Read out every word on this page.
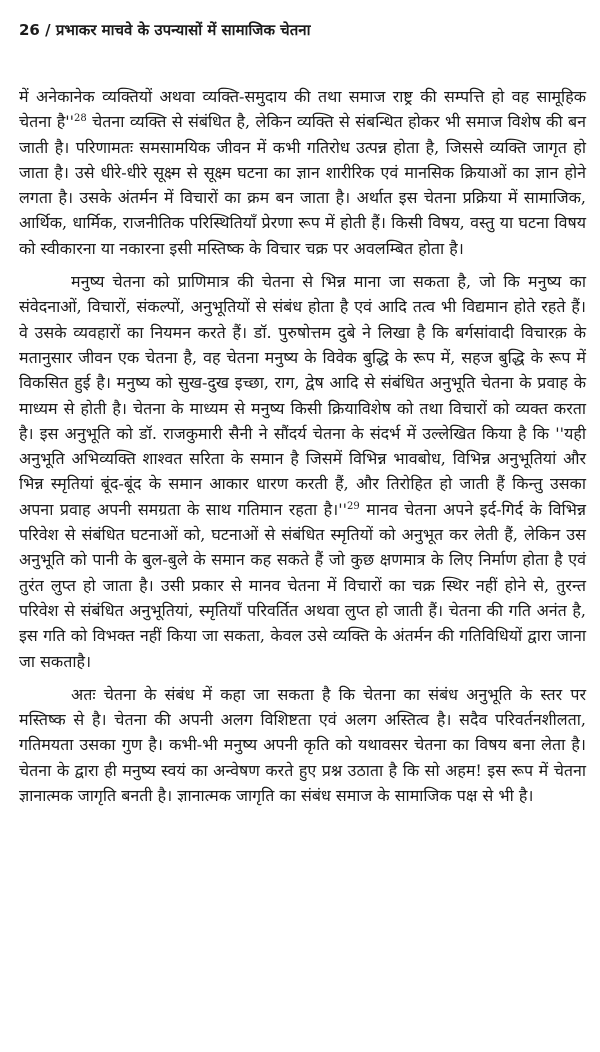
26 / प्रभाकर माचवे के उपन्यासों में सामाजिक चेतना

में अनेकानेक व्यक्तियों अथवा व्यक्ति-समुदाय की तथा समाज राष्ट्र की सम्पत्ति हो वह सामूहिक चेतना $है''^{28}$ चेतना व्यक्ति से संबंधित है, लेकिन व्यक्ति से संबन्धित होकर भी समाज विशेष की बन जाती है। परिणामतः समसामयिक जीवन में कभी गतिरोध उत्पन्न होता है, जिससे व्यक्ति जागृत हो जाता है। उसे धीरे-धीरे सूक्ष्म से सूक्ष्म घटना का ज्ञान शारीरिक एवं मानसिक क्रियाओं का ज्ञान होने लगता है। उसके अंतर्मन में विचारों का क्रम बन जाता है। अर्थात इस चेतना प्रक्रिया में सामाजिक, आर्थिक, धार्मिक, राजनीतिक परिस्थितियाँ प्रेरणा रूप में होती हैं। किसी विषय, वस्तु या घटना विषय को स्वीकारना या नकारना इसी मस्तिष्क के विचार चक्र पर अवलम्बित होता है।

मनुष्य चेतना को प्राणिमात्र की चेतना से भिन्न माना जा सकता है, जो कि मनुष्य का संवेदनाओं, विचारों, संकल्पों, अनुभूतियों से संबंध होता है एवं आदि तत्व भी विद्यमान होते रहते हैं। वे उसके व्यवहारों का नियमन करते हैं। डॉ. पुरुषोत्तम दुबे ने लिखा है कि बर्गसांवादी विचारक़ के मतानुसार जीवन एक चेतना है, वह चेतना मनुष्य के विवेक बुद्धि के रूप में, सहज बुद्धि के रूप में विकसित हुई है। मनुष्य को सुख-दुख इच्छा, राग, द्वेष आदि से संबंधित अनुभूति चेतना के प्रवाह के माध्यम से होती है। चेतना के माध्यम से मनुष्य किसी क्रियाविशेष को तथा विचारों को व्यक्त करता है। इस अनुभूति को डॉ. राजकुमारी सैनी ने सौंदर्य चेतना के संदर्भ में उल्लेखित किया है कि ''यही अनुभूति अभिव्यक्ति शाश्वत सरिता के समान है जिसमें विभिन्न भावबोध, विभिन्न अनुभूतियां और भिन्न स्मृतियां बूंद-बूंद के समान आकार धारण करती हैं, और तिरोहित हो जाती हैं किन्तु उसका अपना प्रवाह अपनी समग्रता के साथ गतिमान रहता $है।''^{29}$ मानव चेतना अपने इर्द-गिर्द के विभिन्न परिवेश से संबंधित घटनाओं को, घटनाओं से संबंधित स्मृतियों को अनुभूत कर लेती हैं, लेकिन उस अनुभूति को पानी के बुल-बुले के समान कह सकते हैं जो कुछ क्षणमात्र के लिए निर्माण होता है एवं तुरंत लुप्त हो जाता है। उसी प्रकार से मानव चेतना में विचारों का चक्र स्थिर नहीं होने से, तुरन्त परिवेश से संबंधित अनुभूतियां, स्मृतियाँ परिवर्तित अथवा लुप्त हो जाती हैं। चेतना की गति अनंत है, इस गति को विभक्त नहीं किया जा सकता, केवल उसे व्यक्ति के अंतर्मन की गतिविधियों द्वारा जाना जा सकताहै।

अतः चेतना के संबंध में कहा जा सकता है कि चेतना का संबंध अनुभूति के स्तर पर मस्तिष्क से है। चेतना की अपनी अलग विशिष्टता एवं अलग अस्तित्व है। सदैव परिवर्तनशीलता, गतिमयता उसका गुण है। कभी-भी मनुष्य अपनी कृति को यथावसर चेतना का विषय बना लेता है। चेतना के द्वारा ही मनुष्य स्वयं का अन्वेषण करते हुए प्रश्न उठाता है कि सो अहम! इस रूप में चेतना ज्ञानात्मक जागृति बनती है। ज्ञानात्मक जागृति का संबंध समाज के सामाजिक पक्ष से भी है।
